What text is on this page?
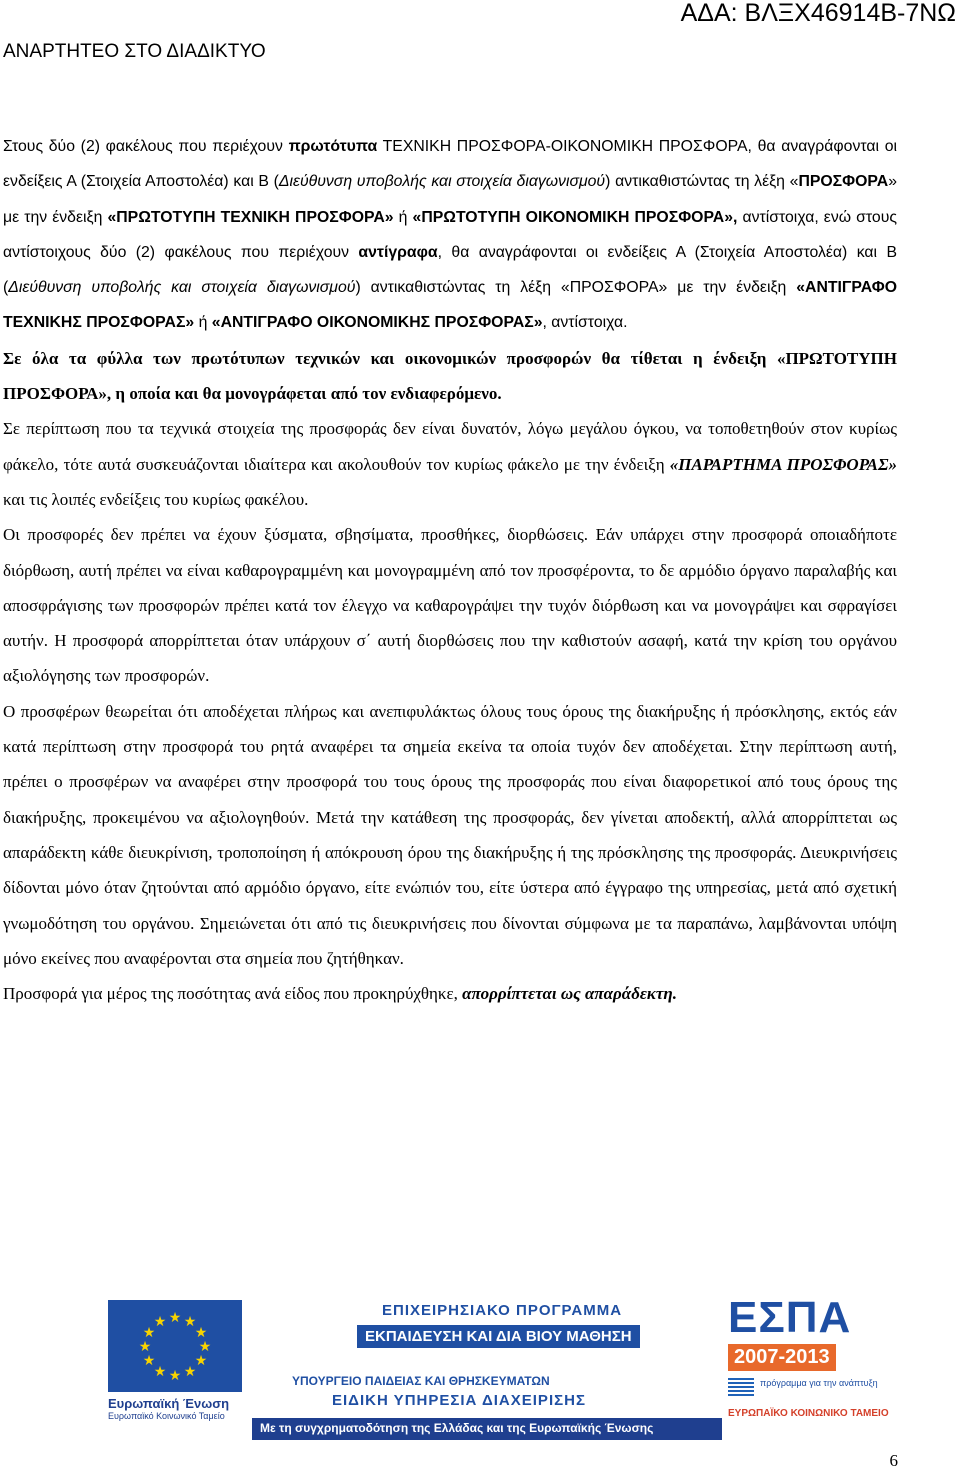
ΑΔΑ: ΒΛΞΧ46914Β-7ΝΩ
ΑΝΑΡΤΗΤΕΟ ΣΤΟ ΔΙΑΔΙΚΤΥΟ

Στους δύο (2) φακέλους που περιέχουν πρωτότυπα ΤΕΧΝΙΚΗ ΠΡΟΣΦΟΡΑ-ΟΙΚΟΝΟΜΙΚΗ ΠΡΟΣΦΟΡΑ, θα αναγράφονται οι ενδείξεις Α (Στοιχεία Αποστολέα) και Β (Διεύθυνση υποβολής και στοιχεία διαγωνισμού) αντικαθιστώντας τη λέξη «ΠΡΟΣΦΟΡΑ» με την ένδειξη «ΠΡΩΤΟΤΥΠΗ ΤΕΧΝΙΚΗ ΠΡΟΣΦΟΡΑ» ή «ΠΡΩΤΟΤΥΠΗ ΟΙΚΟΝΟΜΙΚΗ ΠΡΟΣΦΟΡΑ», αντίστοιχα, ενώ στους αντίστοιχους δύο (2) φακέλους που περιέχουν αντίγραφα, θα αναγράφονται οι ενδείξεις Α (Στοιχεία Αποστολέα) και Β (Διεύθυνση υποβολής και στοιχεία διαγωνισμού) αντικαθιστώντας τη λέξη «ΠΡΟΣΦΟΡΑ» με την ένδειξη «ΑΝΤΙΓΡΑΦΟ ΤΕΧΝΙΚΗΣ ΠΡΟΣΦΟΡΑΣ» ή «ΑΝΤΙΓΡΑΦΟ ΟΙΚΟΝΟΜΙΚΗΣ ΠΡΟΣΦΟΡΑΣ», αντίστοιχα.

Σε όλα τα φύλλα των πρωτότυπων τεχνικών και οικονομικών προσφορών θα τίθεται η ένδειξη «ΠΡΩΤΟΤΥΠΗ ΠΡΟΣΦΟΡΑ», η οποία και θα μονογράφεται από τον ενδιαφερόμενο.

Σε περίπτωση που τα τεχνικά στοιχεία της προσφοράς δεν είναι δυνατόν, λόγω μεγάλου όγκου, να τοποθετηθούν στον κυρίως φάκελο, τότε αυτά συσκευάζονται ιδιαίτερα και ακολουθούν τον κυρίως φάκελο με την ένδειξη «ΠΑΡΑΡΤΗΜΑ ΠΡΟΣΦΟΡΑΣ» και τις λοιπές ενδείξεις του κυρίως φακέλου.

Οι προσφορές δεν πρέπει να έχουν ξύσματα, σβησίματα, προσθήκες, διορθώσεις. Εάν υπάρχει στην προσφορά οποιαδήποτε διόρθωση, αυτή πρέπει να είναι καθαρογραμμένη και μονογραμμένη από τον προσφέροντα, το δε αρμόδιο όργανο παραλαβής και αποσφράγισης των προσφορών πρέπει κατά τον έλεγχο να καθαρογράψει την τυχόν διόρθωση και να μονογράψει και σφραγίσει αυτήν. Η προσφορά απορρίπτεται όταν υπάρχουν σ΄ αυτή διορθώσεις που την καθιστούν ασαφή, κατά την κρίση του οργάνου αξιολόγησης των προσφορών.

Ο προσφέρων θεωρείται ότι αποδέχεται πλήρως και ανεπιφυλάκτως όλους τους όρους της διακήρυξης ή πρόσκλησης, εκτός εάν κατά περίπτωση στην προσφορά του ρητά αναφέρει τα σημεία εκείνα τα οποία τυχόν δεν αποδέχεται. Στην περίπτωση αυτή, πρέπει ο προσφέρων να αναφέρει στην προσφορά του τους όρους της προσφοράς που είναι διαφορετικοί από τους όρους της διακήρυξης, προκειμένου να αξιολογηθούν. Μετά την κατάθεση της προσφοράς, δεν γίνεται αποδεκτή, αλλά απορρίπτεται ως απαράδεκτη κάθε διευκρίνιση, τροποποίηση ή απόκρουση όρου της διακήρυξης ή της πρόσκλησης της προσφοράς. Διευκρινήσεις δίδονται μόνο όταν ζητούνται από αρμόδιο όργανο, είτε ενώπιόν του, είτε ύστερα από έγγραφο της υπηρεσίας, μετά από σχετική γνωμοδότηση του οργάνου. Σημειώνεται ότι από τις διευκρινήσεις που δίνονται σύμφωνα με τα παραπάνω, λαμβάνονται υπόψη μόνο εκείνες που αναφέρονται στα σημεία που ζητήθηκαν.

Προσφορά για μέρος της ποσότητας ανά είδος που προκηρύχθηκε, απορρίπτεται ως απαράδεκτη.

★ ★
★
★
★
★
★
★
★
★
★
★
Ευρωπαϊκή Ένωση
Ευρωπαϊκό Κοινωνικό Ταμείο
ΕΠΙΧΕΙΡΗΣΙΑΚΟ ΠΡΟΓΡΑΜΜΑ
ΕΚΠΑΙΔΕΥΣΗ ΚΑΙ ΔΙΑ ΒΙΟΥ ΜΑΘΗΣΗ
ΥΠΟΥΡΓΕΙΟ ΠΑΙΔΕΙΑΣ ΚΑΙ ΘΡΗΣΚΕΥΜΑΤΩΝ
ΕΙΔΙΚΗ ΥΠΗΡΕΣΙΑ ΔΙΑΧΕΙΡΙΣΗΣ
Με τη συγχρηματοδότηση της Ελλάδας και της Ευρωπαϊκής Ένωσης
ΕΣΠΑ
2007-2013
πρόγραμμα για την ανάπτυξη
ΕΥΡΩΠΑΪΚΟ ΚΟΙΝΩΝΙΚΟ ΤΑΜΕΙΟ
6
